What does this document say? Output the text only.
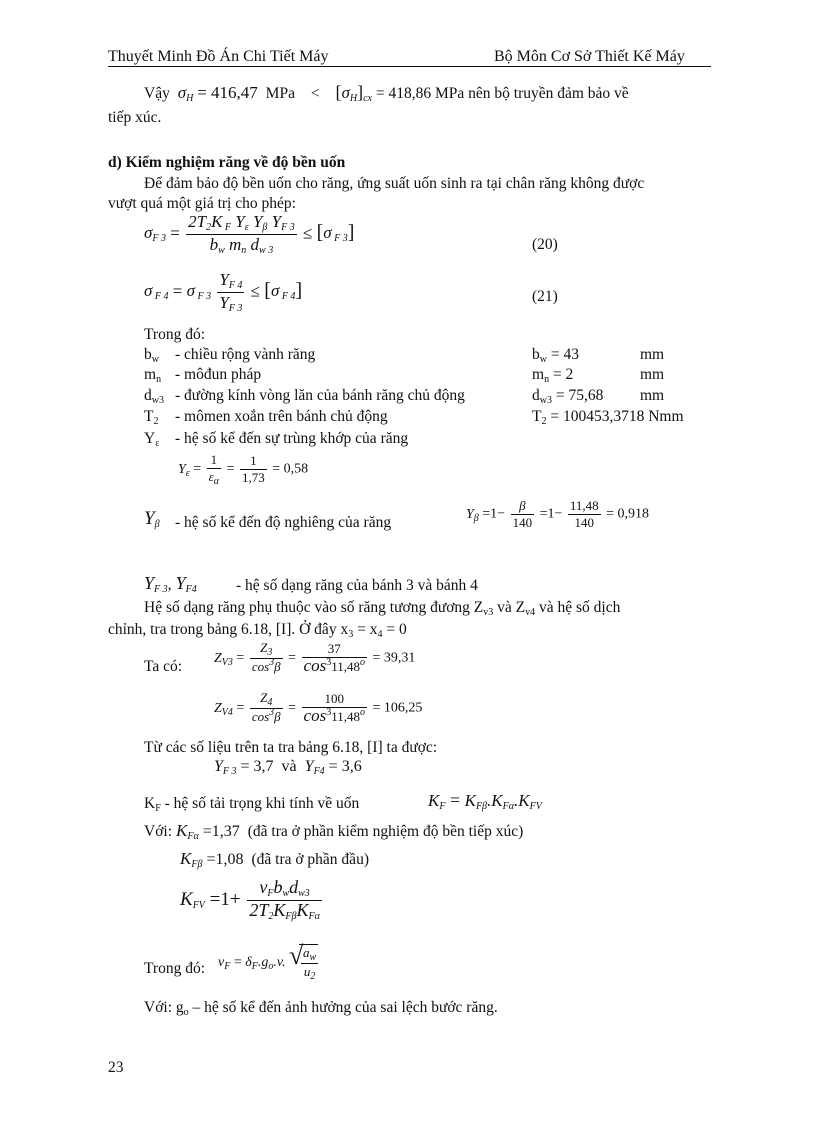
Thuyết Minh Đồ Án Chi Tiết Máy	Bộ Môn Cơ Sở Thiết Kế Máy
Vậy σH = 416,47 MPa < [σH]cx = 418,86 MPa nên bộ truyền đảm bảo về
tiếp xúc.
d) Kiểm nghiệm răng về độ bền uốn
Để đảm bảo độ bền uốn cho răng, ứng suất uốn sinh ra tại chân răng không được
vượt quá một giá trị cho phép:
σF $3 = \frac{\text{2T2K F Yε Yβ YF 3}}{\text{bw mn dw 3}} \le [\sigma$ F 3]
(20)
σ F 4 = σ F $3 \frac{YF 4}{YF 3} \le [\sigma$ F 4]	(21)
Trong đó:
bw - chiều rộng vành răng	bw = 43	mm
mn - môđun pháp	mn = 2	mm
dw3 - đường kính vòng lăn của bánh răng chủ động	dw3 = 75,68 mm
T2 - mômen xoắn trên bánh chủ động	T2 = 100453,3718 Nmm
Yε - hệ số kể đến sự trùng khớp của răng
$Y_\varepsilon = \frac{1}{\varepsilon_\alpha} = \frac{1}{1,73} = 0,58$
Yβ - hệ số kể đến độ nghiêng của răng	$Y_\beta =1- \frac{\beta}{140} =1- \frac{11,48}{140} = 0,918$
YF 3, YF4	- hệ số dạng răng của bánh 3 và bánh 4
Hệ số dạng răng phụ thuộc vào số răng tương đương Zv3 và Zv4 và hệ số dịch
chỉnh, tra trong bảng 6.18, [I]. Ở đây x3 = x4 = 0
Ta có: $Z_{V3} = \frac{Z_3}{\cos^3\beta} = \frac{37}{\cos^311,48^o} = 39,31$
$Z_{V4} = \frac{Z_4}{\cos^3\beta} = \frac{100}{\cos^311,48^o} = 106,25$
Từ các số liệu trên ta tra bảng 6.18, [I] ta được:
YF 3 = 3,7 và YF4 = 3,6
KF - hệ số tải trọng khi tính về uốn	KF = KFβ.KFα.KFV
Với: KFα =1,37 (đã tra ở phần kiểm nghiệm độ bền tiếp xúc)
KFβ =1,08 (đã tra ở phần đầu)
KFV $=1+ \frac{\text{vFbwdw3}}{\text{2T2KFβKFα}}$
Trong đó: $v_F = \delta_F.g_o.v$.
√ $\frac{a_w}{u_2}$
Với: go – hệ số kể đến ảnh hưởng của sai lệch bước răng.
23
